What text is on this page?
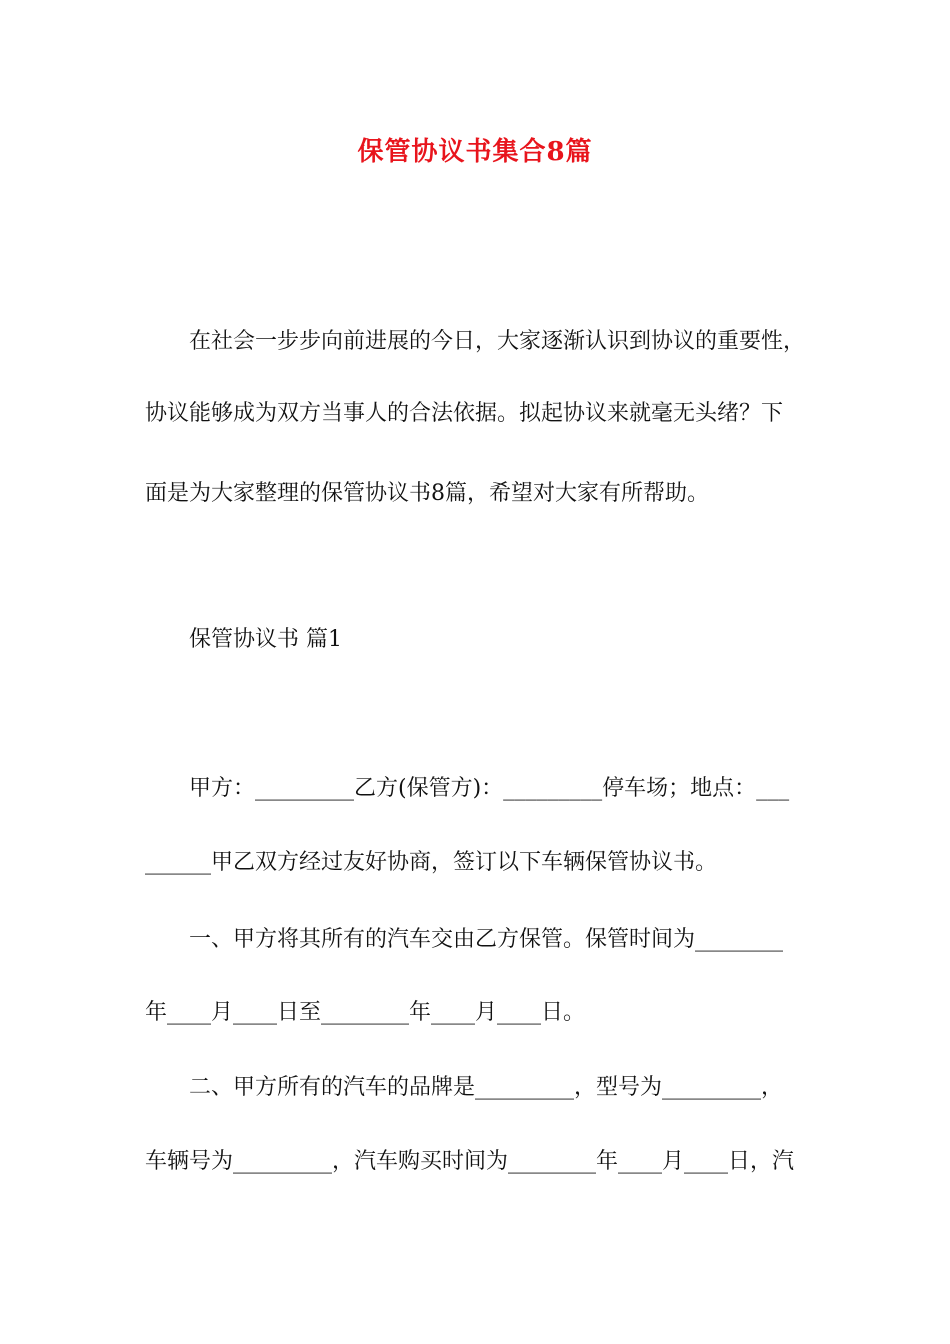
保管协议书集合8篇
在社会一步步向前进展的今日，大家逐渐认识到协议的重要性，
协议能够成为双方当事人的合法依据。拟起协议来就毫无头绪？下
面是为大家整理的保管协议书8篇，希望对大家有所帮助。
保管协议书 篇1
甲方：_________乙方(保管方)：_________停车场；地点：___
______甲乙双方经过友好协商，签订以下车辆保管协议书。
一、甲方将其所有的汽车交由乙方保管。保管时间为________
年____月____日至________年____月____日。
二、甲方所有的汽车的品牌是_________，型号为_________，
车辆号为_________，汽车购买时间为________年____月____日，汽
